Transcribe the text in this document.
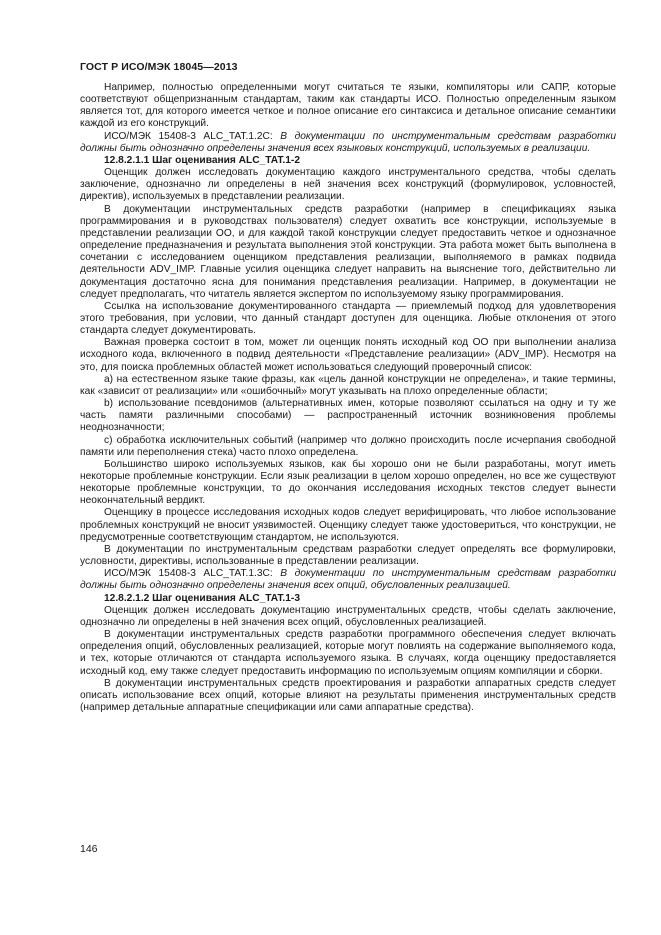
ГОСТ Р ИСО/МЭК 18045—2013

Например, полностью определенными могут считаться те языки, компиляторы или САПР, которые соответствуют общепризнанным стандартам, таким как стандарты ИСО. Полностью определенным языком является тот, для которого имеется четкое и полное описание его синтаксиса и детальное описание семантики каждой из его конструкций.

ИСО/МЭК 15408-3 ALC_TAT.1.2C: В документации по инструментальным средствам разработки должны быть однозначно определены значения всех языковых конструкций, используемых в реализации.

12.8.2.1.1 Шаг оценивания ALC_TAT.1-2

Оценщик должен исследовать документацию каждого инструментального средства, чтобы сделать заключение, однозначно ли определены в ней значения всех конструкций (формулировок, условностей, директив), используемых в представлении реализации.

В документации инструментальных средств разработки (например в спецификациях языка программирования и в руководствах пользователя) следует охватить все конструкции, используемые в представлении реализации ОО, и для каждой такой конструкции следует предоставить четкое и однозначное определение предназначения и результата выполнения этой конструкции. Эта работа может быть выполнена в сочетании с исследованием оценщиком представления реализации, выполняемого в рамках подвида деятельности ADV_IMP. Главные усилия оценщика следует направить на выяснение того, действительно ли документация достаточно ясна для понимания представления реализации. Например, в документации не следует предполагать, что читатель является экспертом по используемому языку программирования.

Ссылка на использование документированного стандарта — приемлемый подход для удовлетворения этого требования, при условии, что данный стандарт доступен для оценщика. Любые отклонения от этого стандарта следует документировать.

Важная проверка состоит в том, может ли оценщик понять исходный код ОО при выполнении анализа исходного кода, включенного в подвид деятельности «Представление реализации» (ADV_IMP). Несмотря на это, для поиска проблемных областей может использоваться следующий проверочный список:

а) на естественном языке такие фразы, как «цель данной конструкции не определена», и такие термины, как «зависит от реализации» или «ошибочный» могут указывать на плохо определенные области;

b) использование псевдонимов (альтернативных имен, которые позволяют ссылаться на одну и ту же часть памяти различными способами) — распространенный источник возникновения проблемы неоднозначности;

с) обработка исключительных событий (например что должно происходить после исчерпания свободной памяти или переполнения стека) часто плохо определена.

Большинство широко используемых языков, как бы хорошо они не были разработаны, могут иметь некоторые проблемные конструкции. Если язык реализации в целом хорошо определен, но все же существуют некоторые проблемные конструкции, то до окончания исследования исходных текстов следует вынести неокончательный вердикт.

Оценщику в процессе исследования исходных кодов следует верифицировать, что любое использование проблемных конструкций не вносит уязвимостей. Оценщику следует также удостовериться, что конструкции, не предусмотренные соответствующим стандартом, не используются.

В документации по инструментальным средствам разработки следует определять все формулировки, условности, директивы, использованные в представлении реализации.

ИСО/МЭК 15408-3 ALC_TAT.1.3С: В документации по инструментальным средствам разработки должны быть однозначно определены значения всех опций, обусловленных реализацией.

12.8.2.1.2 Шаг оценивания ALC_TAT.1-3

Оценщик должен исследовать документацию инструментальных средств, чтобы сделать заключение, однозначно ли определены в ней значения всех опций, обусловленных реализацией.

В документации инструментальных средств разработки программного обеспечения следует включать определения опций, обусловленных реализацией, которые могут повлиять на содержание выполняемого кода, и тех, которые отличаются от стандарта используемого языка. В случаях, когда оценщику предоставляется исходный код, ему также следует предоставить информацию по используемым опциям компиляции и сборки.

В документации инструментальных средств проектирования и разработки аппаратных средств следует описать использование всех опций, которые влияют на результаты применения инструментальных средств (например детальные аппаратные спецификации или сами аппаратные средства).

146
